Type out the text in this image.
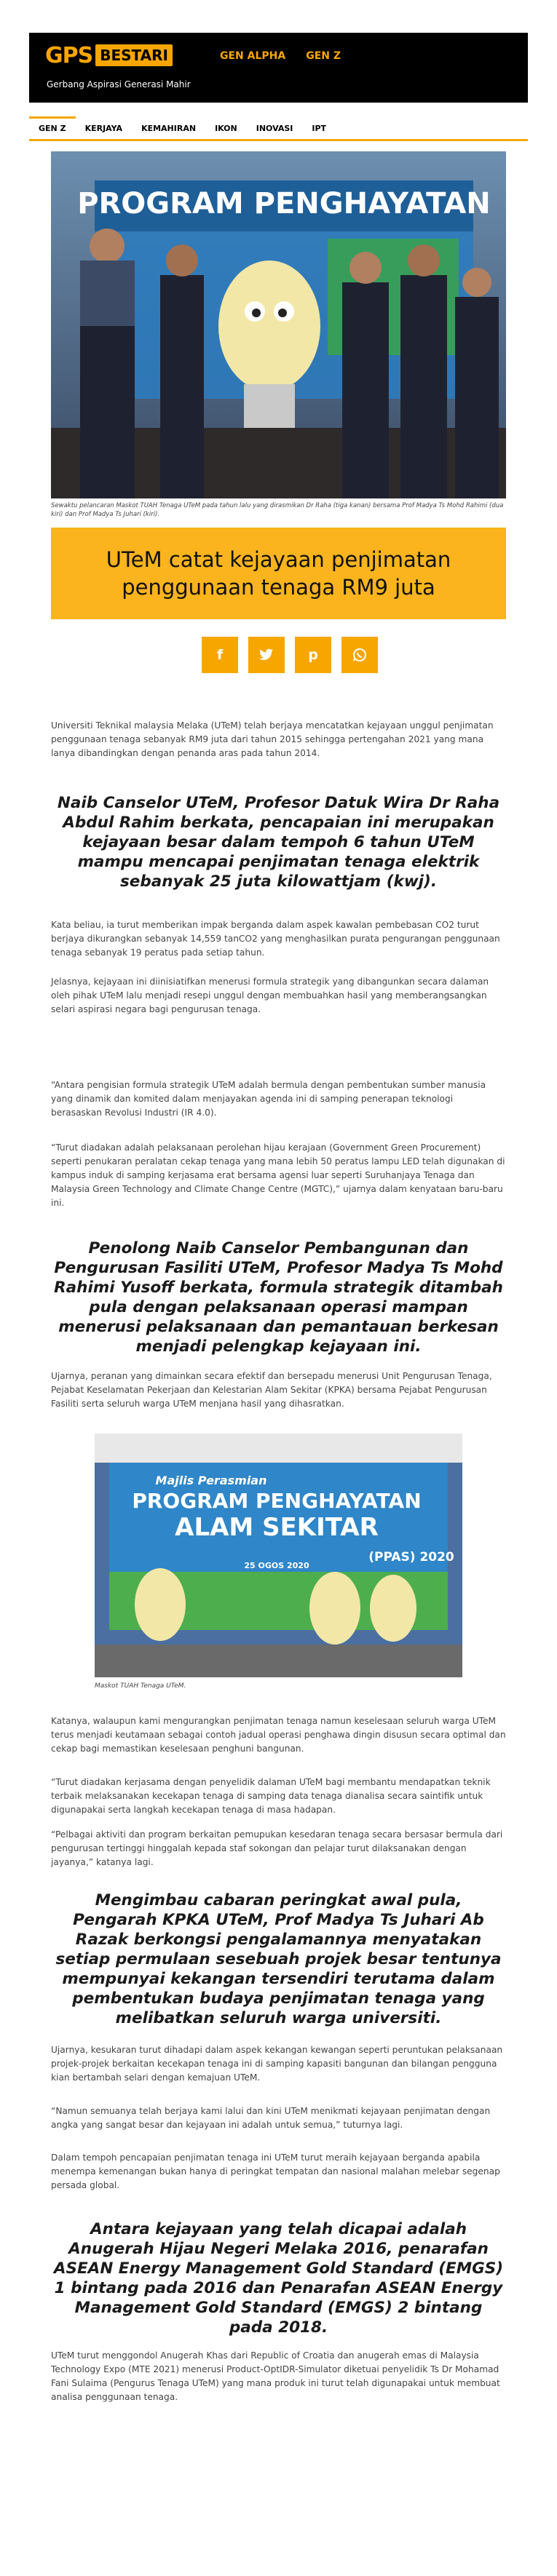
GPS BESTARI
Gerbang Aspirasi Generasi Mahir
GEN ALPHA GEN Z
GEN Z	KERJAYA	KEMAHIRAN	IKON	INOVASI	IPT
PROGRAM PENGHAYATAN
Sewaktu pelancaran Maskot TUAH Tenaga UTeM pada tahun lalu yang dirasmikan Dr Raha (tiga kanan) bersama Prof Madya Ts Mohd Rahimi (dua kiri) dan Prof Madya Ts Juhari (kiri).
UTeM catat kejayaan penjimatan penggunaan tenaga RM9 juta
f	p

Universiti Teknikal malaysia Melaka (UTeM) telah berjaya mencatatkan kejayaan unggul penjimatan penggunaan tenaga sebanyak RM9 juta dari tahun 2015 sehingga pertengahan 2021 yang mana lanya dibandingkan dengan penanda aras pada tahun 2014.

Naib Canselor UTeM, Profesor Datuk Wira Dr Raha Abdul Rahim berkata, pencapaian ini merupakan kejayaan besar dalam tempoh 6 tahun UTeM mampu mencapai penjimatan tenaga elektrik sebanyak 25 juta kilowattjam (kwj).

Kata beliau, ia turut memberikan impak berganda dalam aspek kawalan pembebasan CO2 turut berjaya dikurangkan sebanyak 14,559 tanCO2 yang menghasilkan purata pengurangan penggunaan tenaga sebanyak 19 peratus pada setiap tahun.

Jelasnya, kejayaan ini diinisiatifkan menerusi formula strategik yang dibangunkan secara dalaman oleh pihak UTeM lalu menjadi resepi unggul dengan membuahkan hasil yang memberangsangkan selari aspirasi negara bagi pengurusan tenaga.

“Antara pengisian formula strategik UTeM adalah bermula dengan pembentukan sumber manusia yang dinamik dan komited dalam menjayakan agenda ini di samping penerapan teknologi berasaskan Revolusi Industri (IR 4.0).

“Turut diadakan adalah pelaksanaan perolehan hijau kerajaan (Government Green Procurement) seperti penukaran peralatan cekap tenaga yang mana lebih 50 peratus lampu LED telah digunakan di kampus induk di samping kerjasama erat bersama agensi luar seperti Suruhanjaya Tenaga dan Malaysia Green Technology and Climate Change Centre (MGTC),” ujarnya dalam kenyataan baru-baru ini.

Penolong Naib Canselor Pembangunan dan Pengurusan Fasiliti UTeM, Profesor Madya Ts Mohd Rahimi Yusoff berkata, formula strategik ditambah pula dengan pelaksanaan operasi mampan menerusi pelaksanaan dan pemantauan berkesan menjadi pelengkap kejayaan ini.

Ujarnya, peranan yang dimainkan secara efektif dan bersepadu menerusi Unit Pengurusan Tenaga, Pejabat Keselamatan Pekerjaan dan Kelestarian Alam Sekitar (KPKA) bersama Pejabat Pengurusan Fasiliti serta seluruh warga UTeM menjana hasil yang dihasratkan.

Majlis Perasmian
PROGRAM PENGHAYATAN
ALAM SEKITAR
(PPAS) 2020
25 OGOS 2020
Maskot TUAH Tenaga UTeM.

Katanya, walaupun kami mengurangkan penjimatan tenaga namun keselesaan seluruh warga UTeM terus menjadi keutamaan sebagai contoh jadual operasi penghawa dingin disusun secara optimal dan cekap bagi memastikan keselesaan penghuni bangunan.

“Turut diadakan kerjasama dengan penyelidik dalaman UTeM bagi membantu mendapatkan teknik terbaik melaksanakan kecekapan tenaga di samping data tenaga dianalisa secara saintifik untuk digunapakai serta langkah kecekapan tenaga di masa hadapan.

“Pelbagai aktiviti dan program berkaitan pemupukan kesedaran tenaga secara bersasar bermula dari pengurusan tertinggi hinggalah kepada staf sokongan dan pelajar turut dilaksanakan dengan jayanya,” katanya lagi.

Mengimbau cabaran peringkat awal pula, Pengarah KPKA UTeM, Prof Madya Ts Juhari Ab Razak berkongsi pengalamannya menyatakan setiap permulaan sesebuah projek besar tentunya mempunyai kekangan tersendiri terutama dalam pembentukan budaya penjimatan tenaga yang melibatkan seluruh warga universiti.

Ujarnya, kesukaran turut dihadapi dalam aspek kekangan kewangan seperti peruntukan pelaksanaan projek-projek berkaitan kecekapan tenaga ini di samping kapasiti bangunan dan bilangan pengguna kian bertambah selari dengan kemajuan UTeM.

“Namun semuanya telah berjaya kami lalui dan kini UTeM menikmati kejayaan penjimatan dengan angka yang sangat besar dan kejayaan ini adalah untuk semua,” tuturnya lagi.

Dalam tempoh pencapaian penjimatan tenaga ini UTeM turut meraih kejayaan berganda apabila menempa kemenangan bukan hanya di peringkat tempatan dan nasional malahan melebar segenap persada global.

Antara kejayaan yang telah dicapai adalah Anugerah Hijau Negeri Melaka 2016, penarafan ASEAN Energy Management Gold Standard (EMGS) 1 bintang pada 2016 dan Penarafan ASEAN Energy Management Gold Standard (EMGS) 2 bintang pada 2018.

UTeM turut menggondol Anugerah Khas dari Republic of Croatia dan anugerah emas di Malaysia Technology Expo (MTE 2021) menerusi Product-OptIDR-Simulator diketuai penyelidik Ts Dr Mohamad Fani Sulaima (Pengurus Tenaga UTeM) yang mana produk ini turut telah digunapakai untuk membuat analisa penggunaan tenaga.
